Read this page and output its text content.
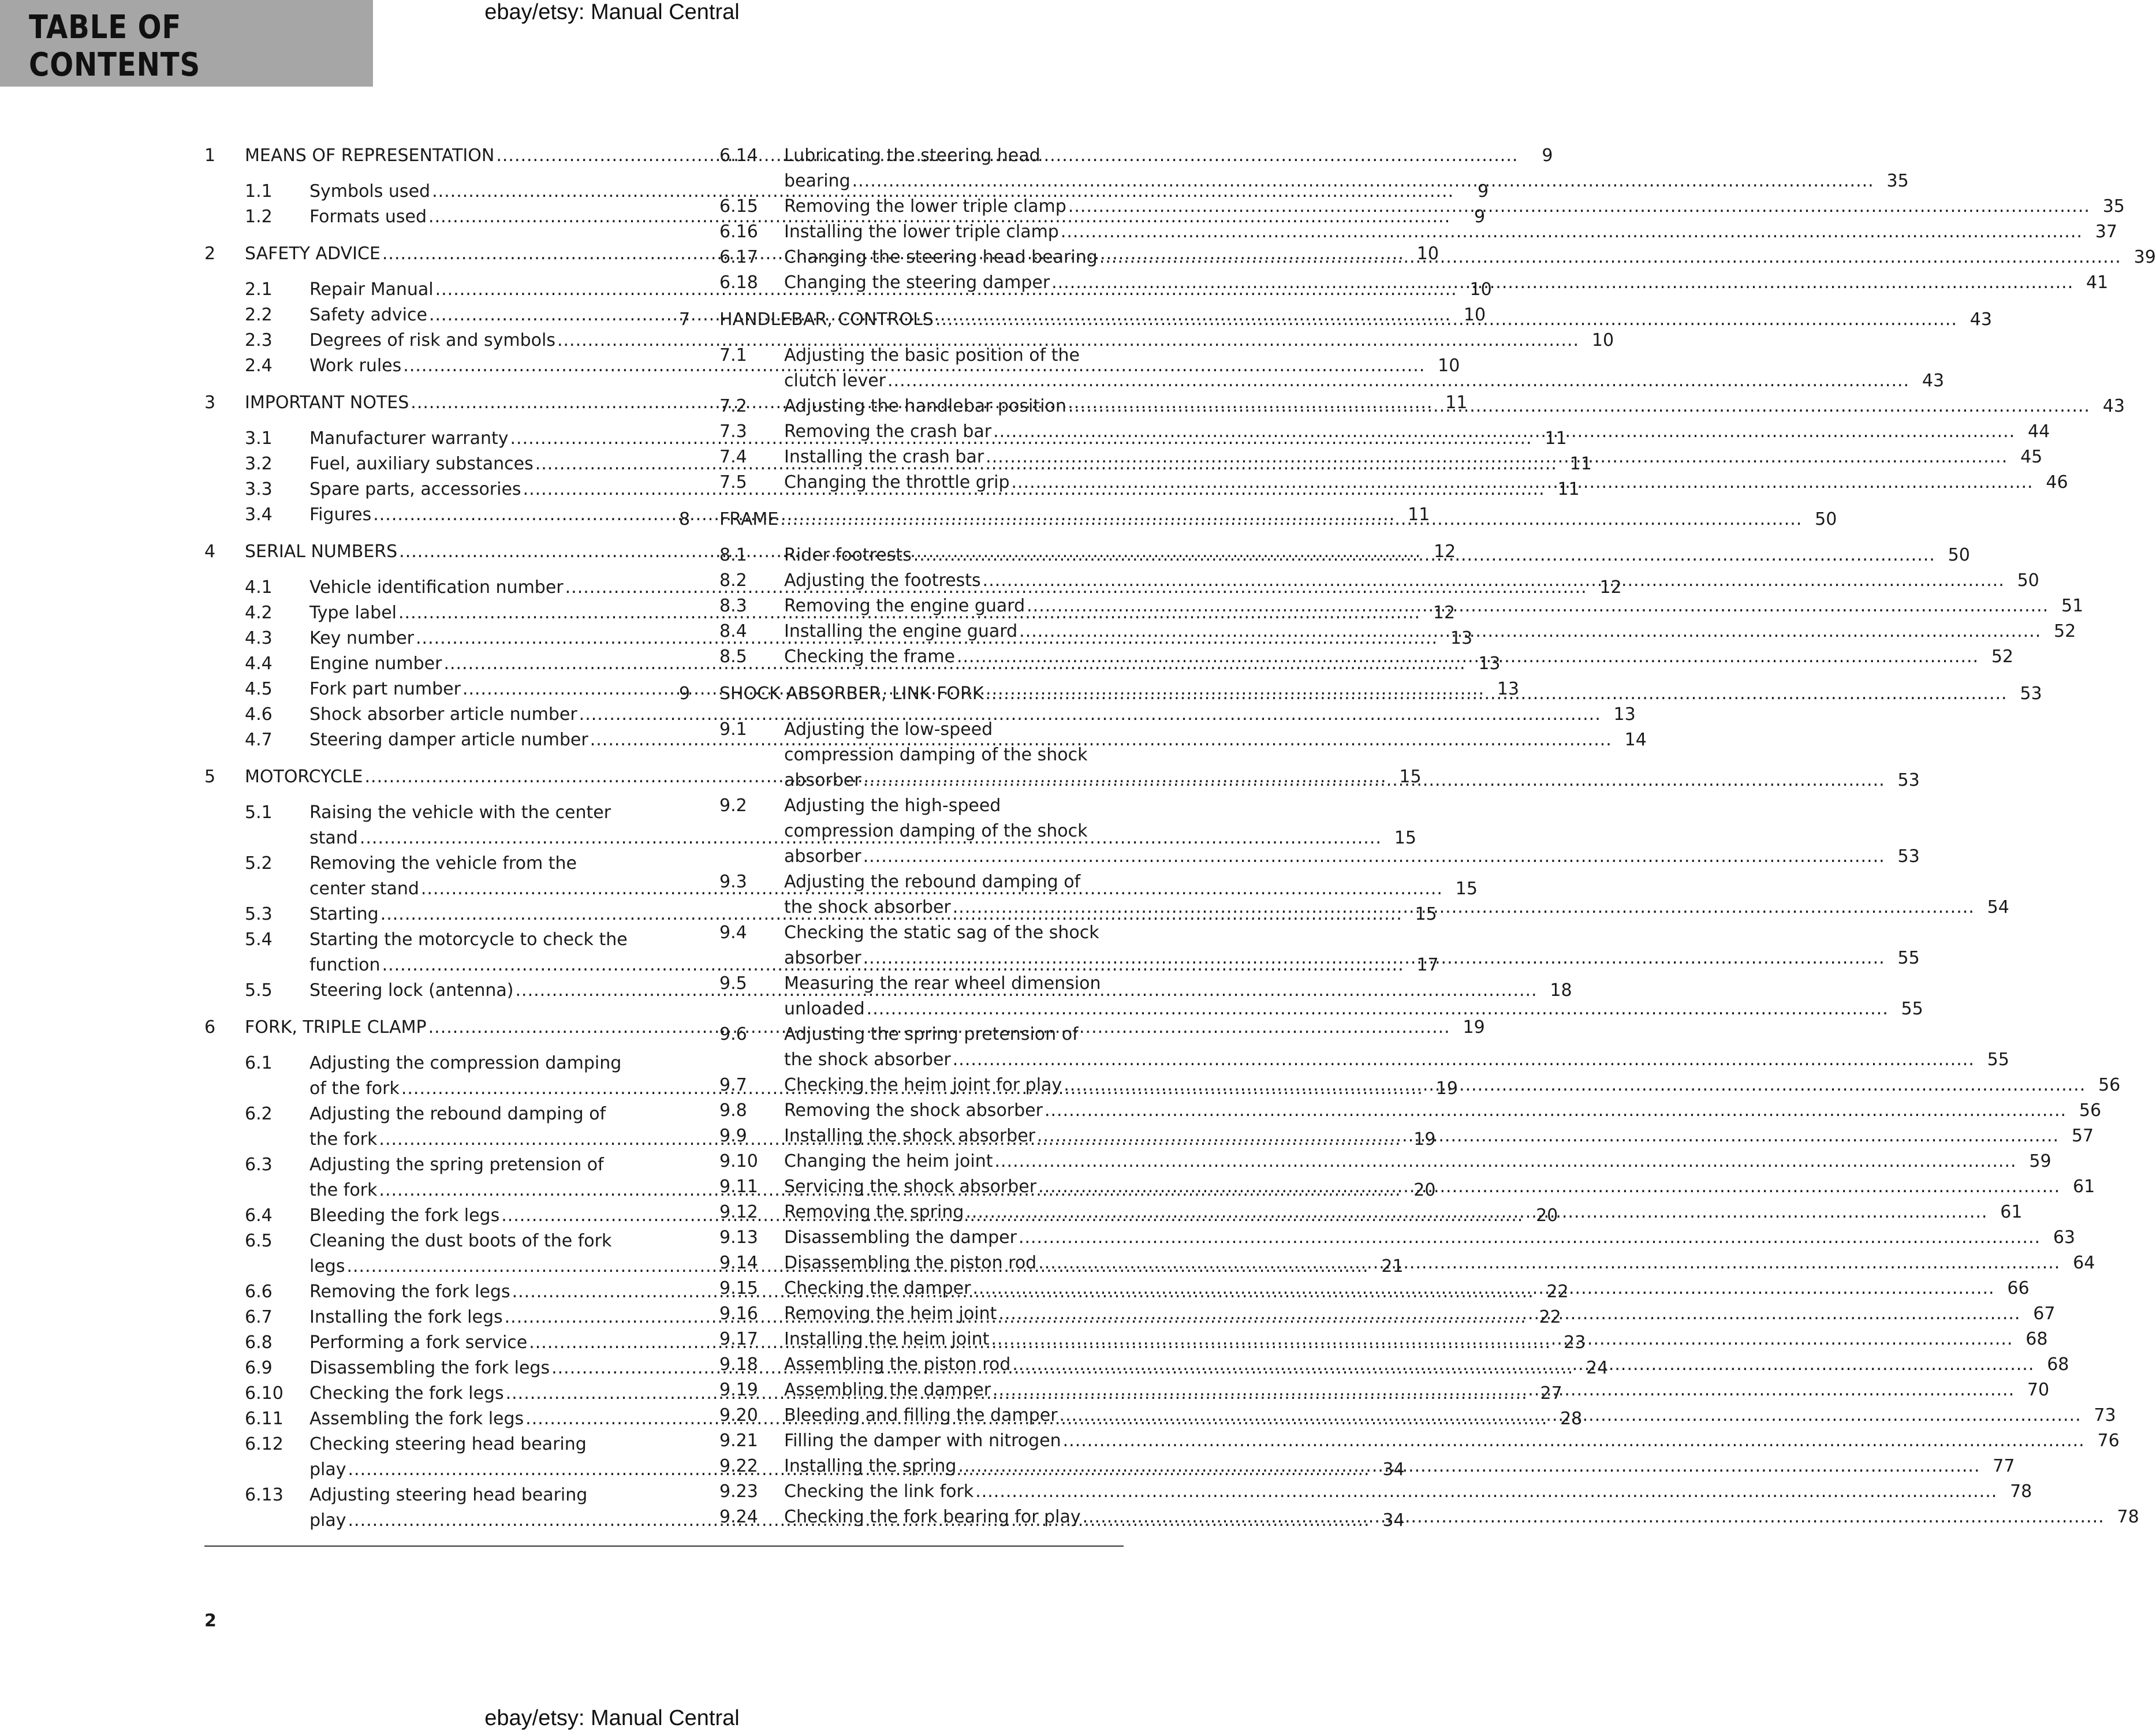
TABLE OF CONTENTS
ebay/etsy: Manual Central
1	MEANS OF REPRESENTATION .....	9
1.1	Symbols used .....	9
1.2	Formats used .....	9
2	SAFETY ADVICE .....	10
2.1	Repair Manual .....	10
2.2	Safety advice .....	10
2.3	Degrees of risk and symbols .....	10
2.4	Work rules .....	10
3	IMPORTANT NOTES .....	11
3.1	Manufacturer warranty .....	11
3.2	Fuel, auxiliary substances .....	11
3.3	Spare parts, accessories .....	11
3.4	Figures .....	11
4	SERIAL NUMBERS .....	12
4.1	Vehicle identification number .....	12
4.2	Type label .....	12
4.3	Key number .....	13
4.4	Engine number .....	13
4.5	Fork part number .....	13
4.6	Shock absorber article number .....	13
4.7	Steering damper article number .....	14
5	MOTORCYCLE .....	15
5.1	Raising the vehicle with the center
stand .....	15
5.2	Removing the vehicle from the
center stand .....	15
5.3	Starting .....	15
5.4	Starting the motorcycle to check the
function .....	17
5.5	Steering lock (antenna) .....	18
6	FORK, TRIPLE CLAMP .....	19
6.1	Adjusting the compression damping
of the fork .....	19
6.2	Adjusting the rebound damping of
the fork .....	19
6.3	Adjusting the spring pretension of
the fork .....	20
6.4	Bleeding the fork legs .....	20
6.5	Cleaning the dust boots of the fork
legs .....	21
6.6	Removing the fork legs .....	22
6.7	Installing the fork legs .....	22
6.8	Performing a fork service .....	23
6.9	Disassembling the fork legs .....	24
6.10	Checking the fork legs .....	27
6.11	Assembling the fork legs .....	28
6.12	Checking steering head bearing
play .....	34
6.13	Adjusting steering head bearing
play .....	34
6.14	Lubricating the steering head
bearing .....	35
6.15	Removing the lower triple clamp .....	35
6.16	Installing the lower triple clamp .....	37
6.17	Changing the steering head bearing .....	39
6.18	Changing the steering damper .....	41
7	HANDLEBAR, CONTROLS .....	43
7.1	Adjusting the basic position of the
clutch lever .....	43
7.2	Adjusting the handlebar position .....	43
7.3	Removing the crash bar .....	44
7.4	Installing the crash bar .....	45
7.5	Changing the throttle grip .....	46
8	FRAME .....	50
8.1	Rider footrests .....	50
8.2	Adjusting the footrests .....	50
8.3	Removing the engine guard .....	51
8.4	Installing the engine guard .....	52
8.5	Checking the frame .....	52
9	SHOCK ABSORBER, LINK FORK .....	53
9.1	Adjusting the low-speed
compression damping of the shock
absorber .....	53
9.2	Adjusting the high-speed
compression damping of the shock
absorber .....	53
9.3	Adjusting the rebound damping of
the shock absorber .....	54
9.4	Checking the static sag of the shock
absorber .....	55
9.5	Measuring the rear wheel dimension
unloaded .....	55
9.6	Adjusting the spring pretension of
the shock absorber .....	55
9.7	Checking the heim joint for play .....	56
9.8	Removing the shock absorber .....	56
9.9	Installing the shock absorber .....	57
9.10	Changing the heim joint .....	59
9.11	Servicing the shock absorber .....	61
9.12	Removing the spring .....	61
9.13	Disassembling the damper .....	63
9.14	Disassembling the piston rod .....	64
9.15	Checking the damper .....	66
9.16	Removing the heim joint .....	67
9.17	Installing the heim joint .....	68
9.18	Assembling the piston rod .....	68
9.19	Assembling the damper .....	70
9.20	Bleeding and filling the damper .....	73
9.21	Filling the damper with nitrogen .....	76
9.22	Installing the spring .....	77
9.23	Checking the link fork .....	78
9.24	Checking the fork bearing for play .....	78
2
ebay/etsy: Manual Central
